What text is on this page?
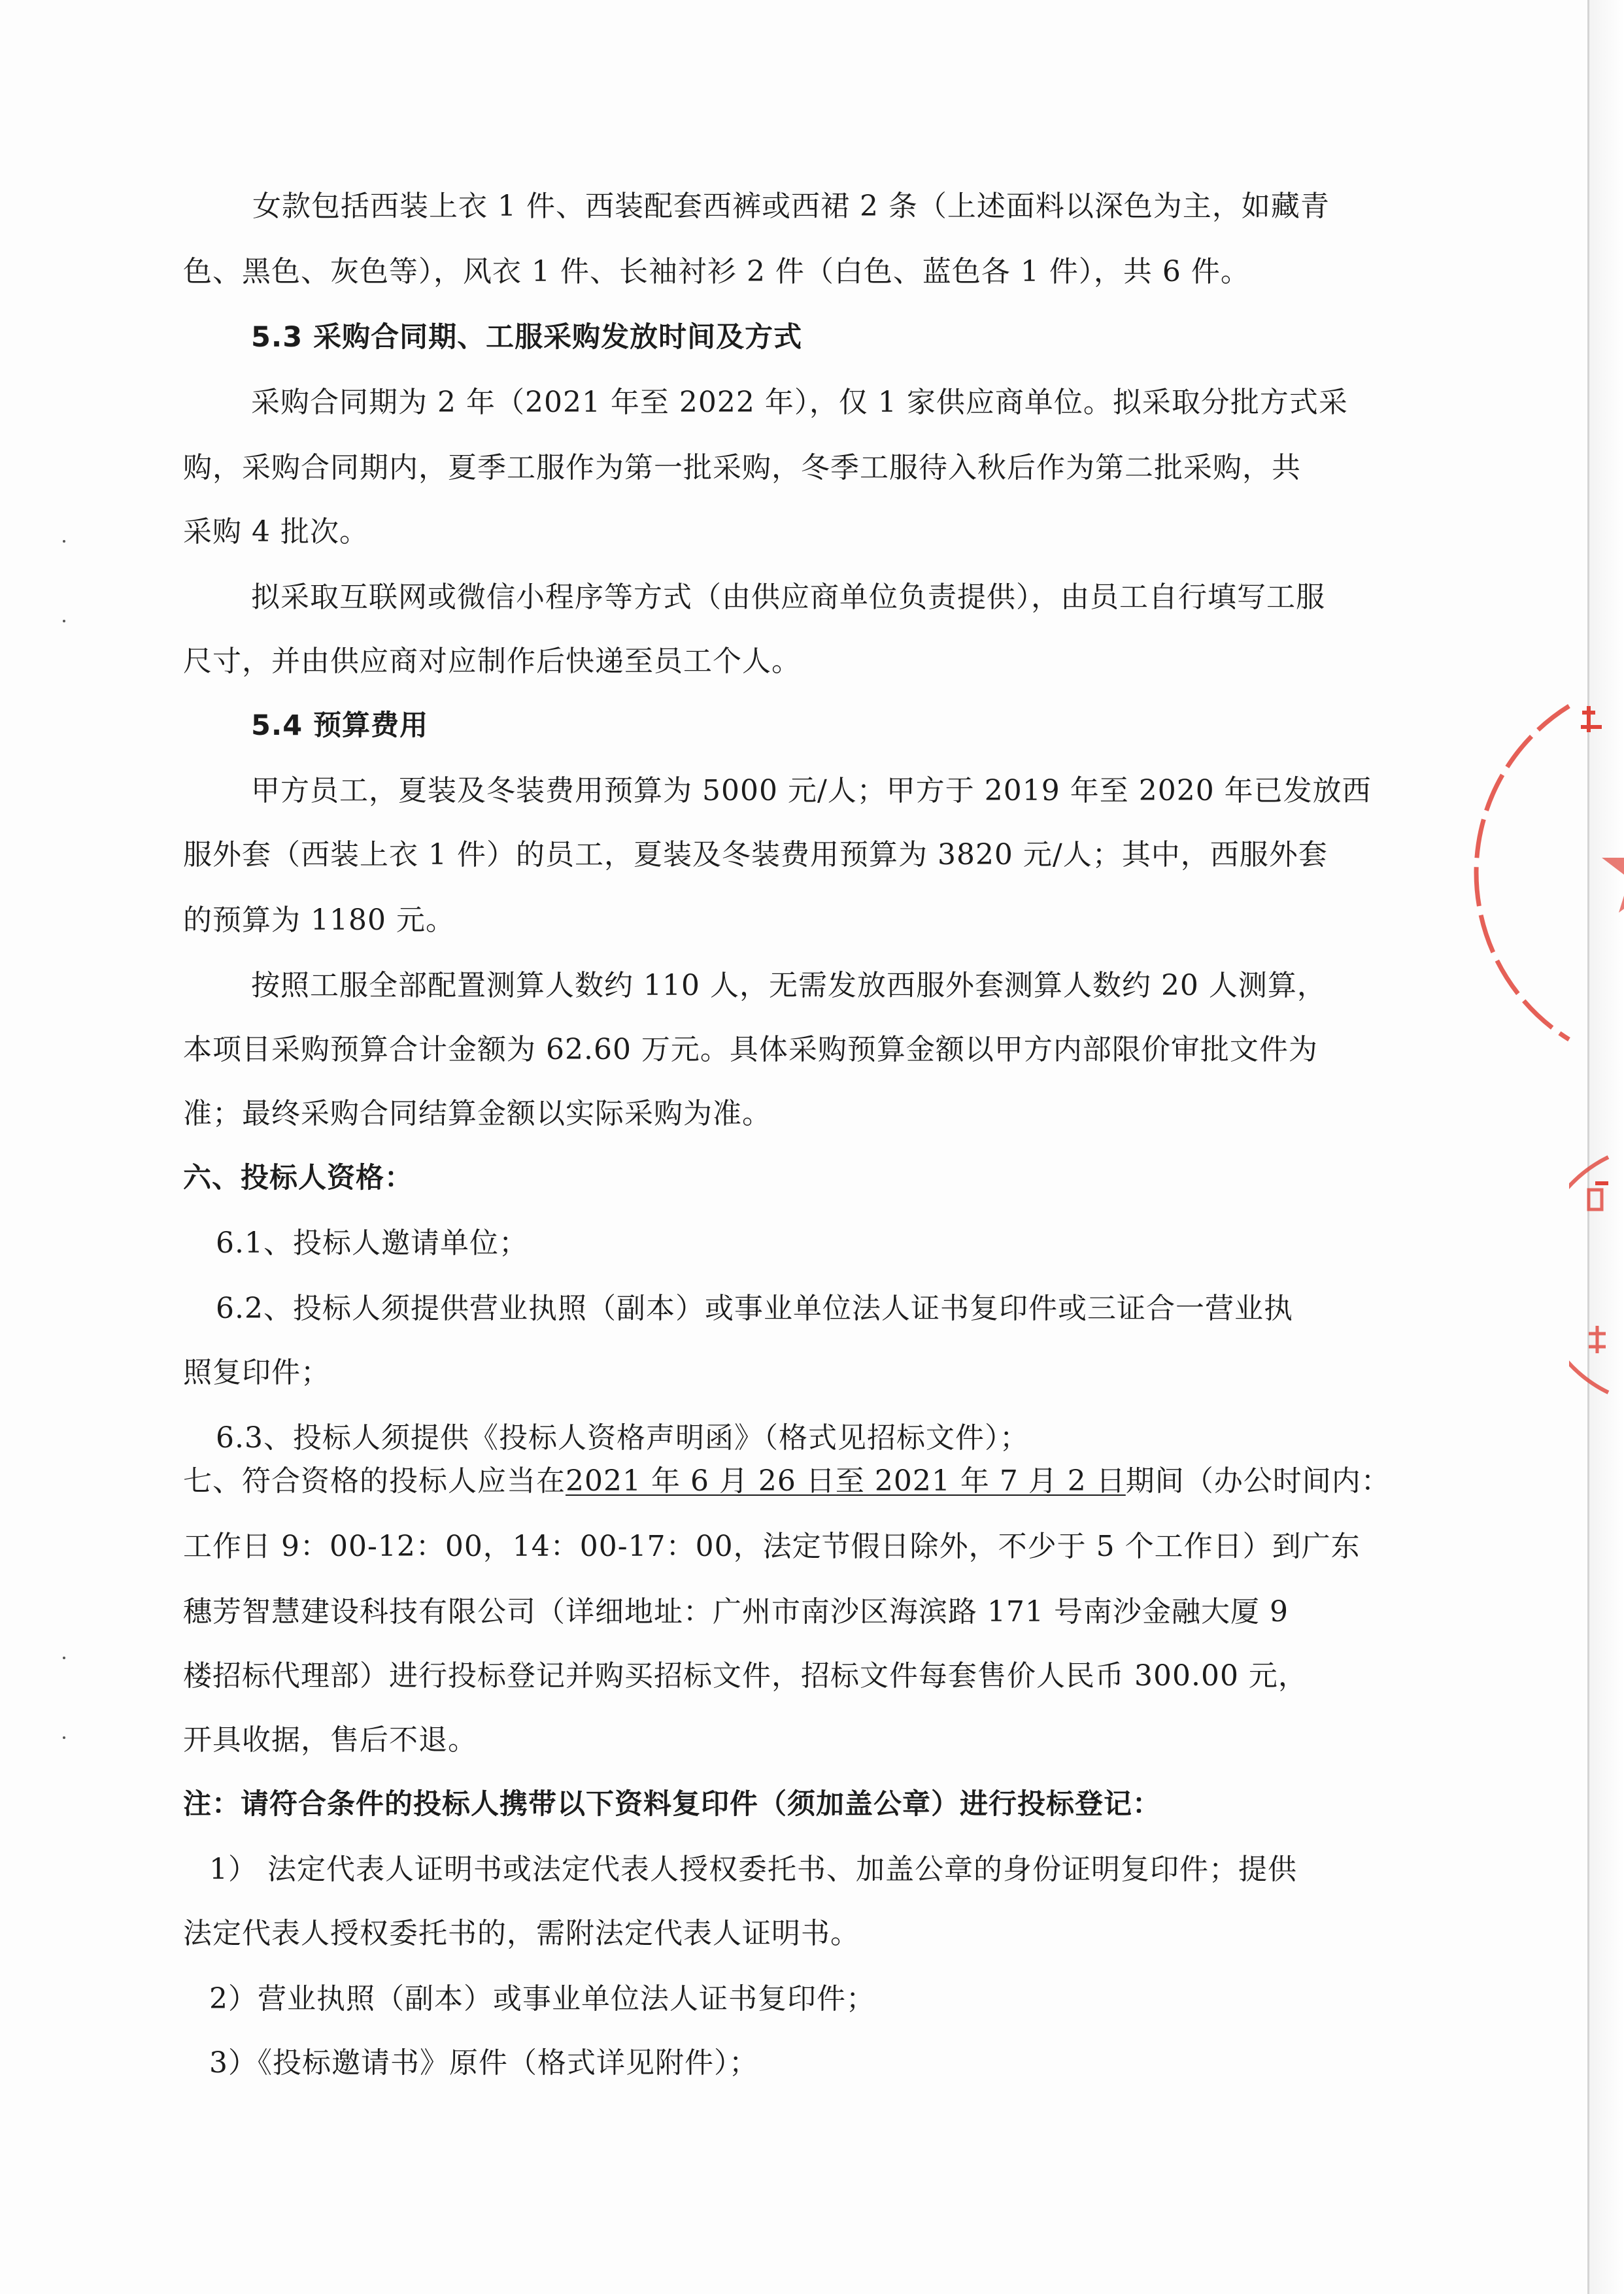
女款包括西装上衣 1 件、西装配套西裤或西裙 2 条（上述面料以深色为主，如藏青
色、黑色、灰色等），风衣 1 件、长袖衬衫 2 件（白色、蓝色各 1 件），共 6 件。
5.3 采购合同期、工服采购发放时间及方式
采购合同期为 2 年（2021 年至 2022 年），仅 1 家供应商单位。拟采取分批方式采
购，采购合同期内，夏季工服作为第一批采购，冬季工服待入秋后作为第二批采购，共
采购 4 批次。
拟采取互联网或微信小程序等方式（由供应商单位负责提供），由员工自行填写工服
尺寸，并由供应商对应制作后快递至员工个人。
5.4 预算费用
甲方员工，夏装及冬装费用预算为 5000 元/人；甲方于 2019 年至 2020 年已发放西
服外套（西装上衣 1 件）的员工，夏装及冬装费用预算为 3820 元/人；其中，西服外套
的预算为 1180 元。
按照工服全部配置测算人数约 110 人，无需发放西服外套测算人数约 20 人测算，
本项目采购预算合计金额为 62.60 万元。具体采购预算金额以甲方内部限价审批文件为
准；最终采购合同结算金额以实际采购为准。
六、投标人资格：
6.1、投标人邀请单位；
6.2、投标人须提供营业执照（副本）或事业单位法人证书复印件或三证合一营业执
照复印件；
6.3、投标人须提供《投标人资格声明函》（格式见招标文件）；
七、符合资格的投标人应当在2021 年 6 月 26 日至 2021 年 7 月 2 日期间（办公时间内：
工作日 9：00-12：00，14：00-17：00，法定节假日除外，不少于 5 个工作日）到广东
穗芳智慧建设科技有限公司（详细地址：广州市南沙区海滨路 171 号南沙金融大厦 9
楼招标代理部）进行投标登记并购买招标文件，招标文件每套售价人民币 300.00 元，
开具收据，售后不退。
注：请符合条件的投标人携带以下资料复印件（须加盖公章）进行投标登记：
1） 法定代表人证明书或法定代表人授权委托书、加盖公章的身份证明复印件；提供
法定代表人授权委托书的，需附法定代表人证明书。
2）营业执照（副本）或事业单位法人证书复印件；
3）《投标邀请书》原件（格式详见附件）；
